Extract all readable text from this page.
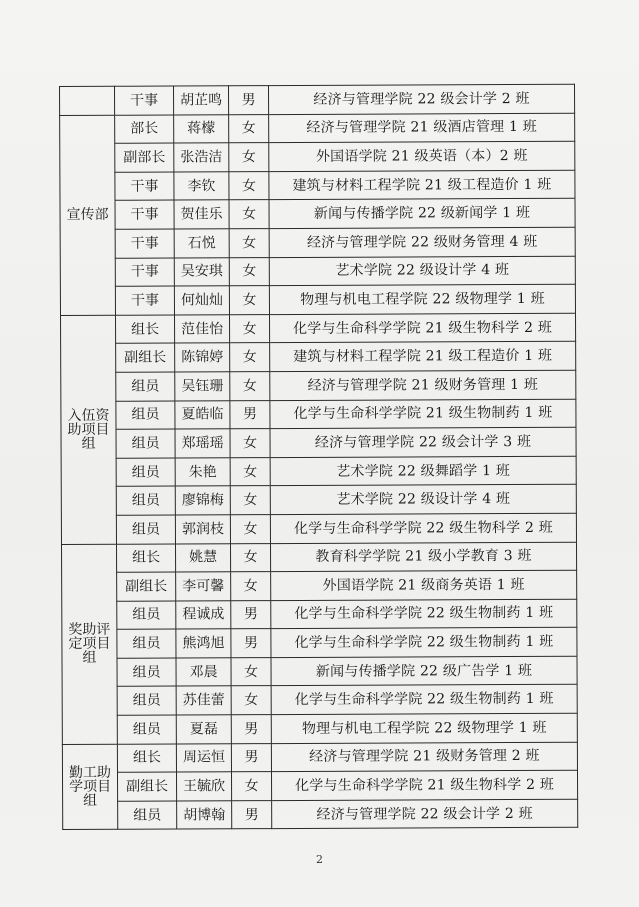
	干事	胡芷鸣	男	经济与管理学院 22 级会计学 2 班

宣传部	部长	蒋檬	女	经济与管理学院 21 级酒店管理 1 班
	副部长	张浩洁	女	外国语学院 21 级英语（本）2 班
	干事	李钦	女	建筑与材料工程学院 21 级工程造价 1 班
	干事	贺佳乐	女	新闻与传播学院 22 级新闻学 1 班
	干事	石悦	女	经济与管理学院 22 级财务管理 4 班
	干事	吴安琪	女	艺术学院 22 级设计学 4 班
	干事	何灿灿	女	物理与机电工程学院 22 级物理学 1 班

入伍资
助项目
组	组长	范佳怡	女	化学与生命科学学院 21 级生物科学 2 班
	副组长	陈锦婷	女	建筑与材料工程学院 21 级工程造价 1 班
	组员	吴钰珊	女	经济与管理学院 21 级财务管理 1 班
	组员	夏皓临	男	化学与生命科学学院 21 级生物制药 1 班
	组员	郑瑶瑶	女	经济与管理学院 22 级会计学 3 班
	组员	朱艳	女	艺术学院 22 级舞蹈学 1 班
	组员	廖锦梅	女	艺术学院 22 级设计学 4 班
	组员	郭润枝	女	化学与生命科学学院 22 级生物科学 2 班

奖助评
定项目
组	组长	姚慧	女	教育科学学院 21 级小学教育 3 班
	副组长	李可馨	女	外国语学院 21 级商务英语 1 班
	组员	程诚成	男	化学与生命科学学院 22 级生物制药 1 班
	组员	熊鸿旭	男	化学与生命科学学院 22 级生物制药 1 班
	组员	邓晨	女	新闻与传播学院 22 级广告学 1 班
	组员	苏佳蕾	女	化学与生命科学学院 22 级生物制药 1 班
	组员	夏磊	男	物理与机电工程学院 22 级物理学 1 班

勤工助
学项目
组	组长	周运恒	男	经济与管理学院 21 级财务管理 2 班
	副组长	王毓欣	女	化学与生命科学学院 21 级生物科学 2 班
	组员	胡博翰	男	经济与管理学院 22 级会计学 2 班
2
